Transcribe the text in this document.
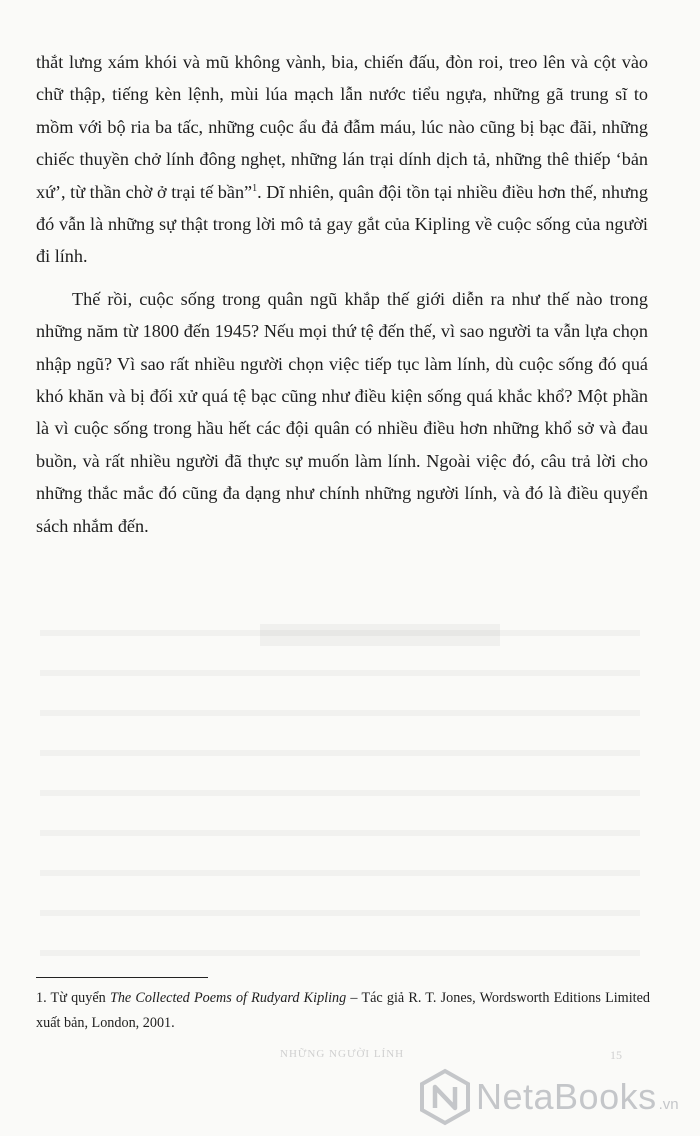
thắt lưng xám khói và mũ không vành, bia, chiến đấu, đòn roi, treo lên và cột vào chữ thập, tiếng kèn lệnh, mùi lúa mạch lẫn nước tiểu ngựa, những gã trung sĩ to mồm với bộ ria ba tấc, những cuộc ẩu đả đẫm máu, lúc nào cũng bị bạc đãi, những chiếc thuyền chở lính đông nghẹt, những lán trại dính dịch tả, những thê thiếp ‘bản xứ’, từ thần chờ ở trại tế bần”$^1$. Dĩ nhiên, quân đội tồn tại nhiều điều hơn thế, nhưng đó vẫn là những sự thật trong lời mô tả gay gắt của Kipling về cuộc sống của người đi lính.

Thế rồi, cuộc sống trong quân ngũ khắp thế giới diễn ra như thế nào trong những năm từ 1800 đến 1945? Nếu mọi thứ tệ đến thế, vì sao người ta vẫn lựa chọn nhập ngũ? Vì sao rất nhiều người chọn việc tiếp tục làm lính, dù cuộc sống đó quá khó khăn và bị đối xử quá tệ bạc cũng như điều kiện sống quá khắc khổ? Một phần là vì cuộc sống trong hầu hết các đội quân có nhiều điều hơn những khổ sở và đau buồn, và rất nhiều người đã thực sự muốn làm lính. Ngoài việc đó, câu trả lời cho những thắc mắc đó cũng đa dạng như chính những người lính, và đó là điều quyển sách nhắm đến.

1. Từ quyển The Collected Poems of Rudyard Kipling – Tác giả R. T. Jones, Wordsworth Editions Limited xuất bản, London, 2001.
NHỮNG NGƯỜI LÍNH	15
NetaBooks .vn
